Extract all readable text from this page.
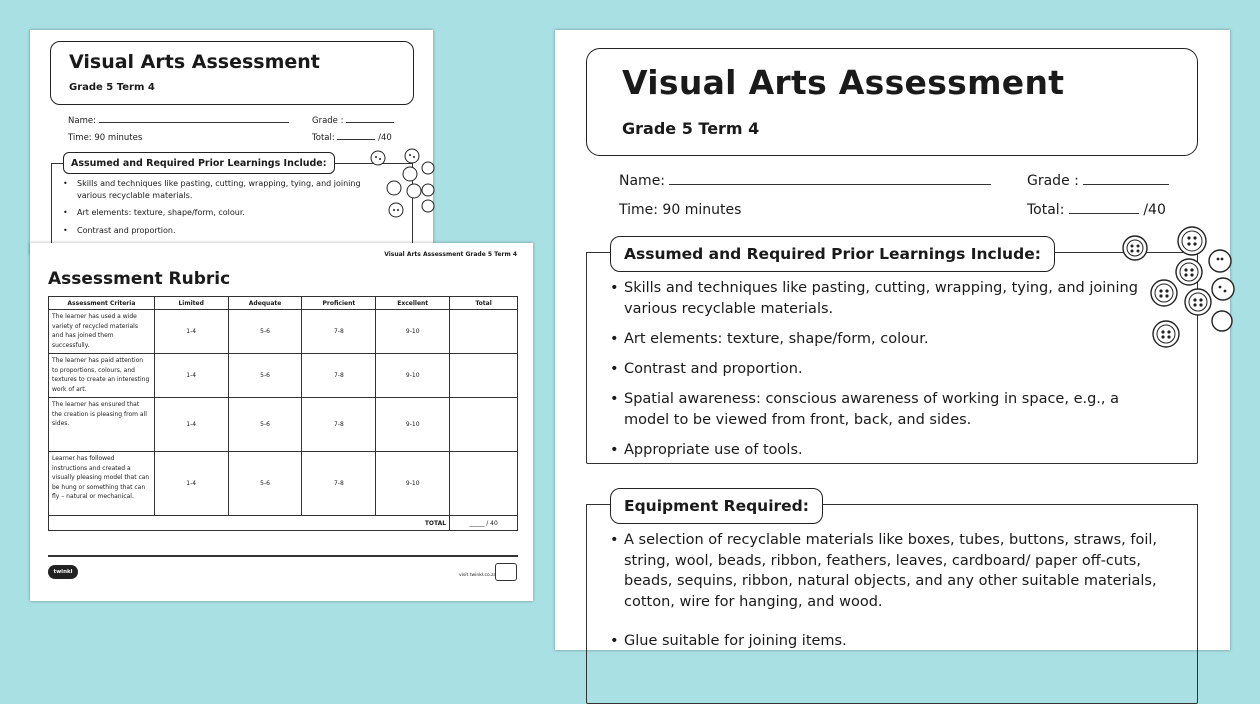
Visual Arts Assessment
Grade 5 Term 4
Name:	Grade :
Time: 90 minutes	Total:	/40
Assumed and Required Prior Learnings Include:
• Skills and techniques like pasting, cutting, wrapping, tying, and joining various recyclable materials.
• Art elements: texture, shape/form, colour.
• Contrast and proportion.
Visual Arts Assessment Grade 5 Term 4
Assessment Rubric
Assessment Criteria	Limited	Adequate	Proficient	Excellent	Total
The learner has used a wide variety of recycled materials and has joined them successfully.	1-4	5-6	7-8	9-10	
The learner has paid attention to proportions, colours, and textures to create an interesting work of art.	1-4	5-6	7-8	9-10	
The learner has ensured that the creation is pleasing from all sides.	1-4	5-6	7-8	9-10	
Learner has followed instructions and created a visually pleasing model that can be hung or something that can fly – natural or mechanical.	1-4	5-6	7-8	9-10	
TOTAL					_____ / 40
twinkl
visit twinkl.co.za
Visual Arts Assessment
Grade 5 Term 4
Name:	Grade :
Time: 90 minutes	Total:	/40
Assumed and Required Prior Learnings Include:
• Skills and techniques like pasting, cutting, wrapping, tying, and joining various recyclable materials.
• Art elements: texture, shape/form, colour.
• Contrast and proportion.
• Spatial awareness: conscious awareness of working in space, e.g., a model to be viewed from front, back, and sides.
• Appropriate use of tools.
Equipment Required:
• A selection of recyclable materials like boxes, tubes, buttons, straws, foil, string, wool, beads, ribbon, feathers, leaves, cardboard/ paper off-cuts, beads, sequins, ribbon, natural objects, and any other suitable materials, cotton, wire for hanging, and wood.
• Glue suitable for joining items.
